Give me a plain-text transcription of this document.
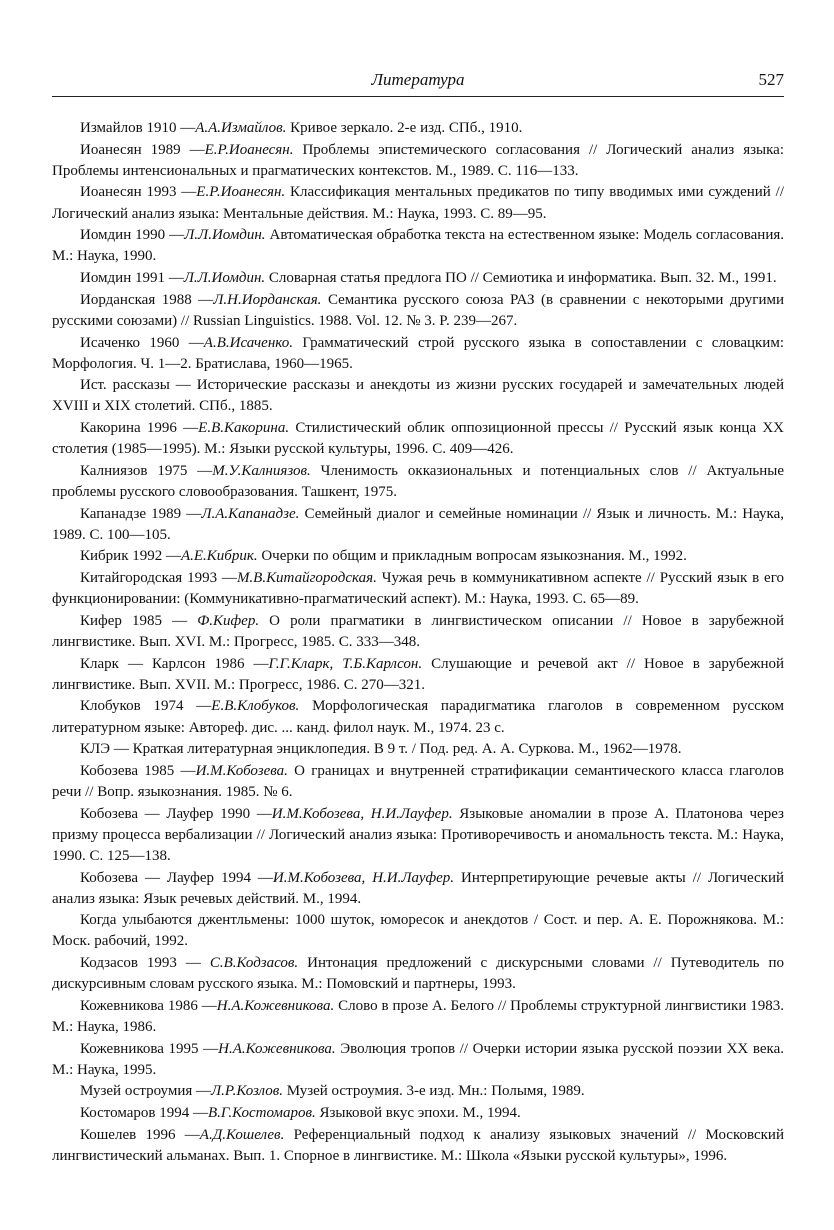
Литература	527

Измайлов 1910 —А.А.Измайлов. Кривое зеркало. 2-е изд. СПб., 1910.

Иоанесян 1989 —Е.Р.Иоанесян. Проблемы эпистемического согласования // Логический анализ языка: Проблемы интенсиональных и прагматических контекстов. М., 1989. С. 116—133.

Иоанесян 1993 —Е.Р.Иоанесян. Классификация ментальных предикатов по типу вводимых ими суждений // Логический анализ языка: Ментальные действия. М.: Наука, 1993. С. 89—95.

Иомдин 1990 —Л.Л.Иомдин. Автоматическая обработка текста на естественном языке: Модель согласования. М.: Наука, 1990.

Иомдин 1991 —Л.Л.Иомдин. Словарная статья предлога ПО // Семиотика и информатика. Вып. 32. М., 1991.

Иорданская 1988 —Л.Н.Иорданская. Семантика русского союза РАЗ (в сравнении с некоторыми другими русскими союзами) // Russian Linguistics. 1988. Vol. 12. № 3. P. 239—267.

Исаченко 1960 —А.В.Исаченко. Грамматический строй русского языка в сопоставлении с словацким: Морфология. Ч. 1—2. Братислава, 1960—1965.

Ист. рассказы — Исторические рассказы и анекдоты из жизни русских государей и замечательных людей XVIII и XIX столетий. СПб., 1885.

Какорина 1996 —Е.В.Какорина. Стилистический облик оппозиционной прессы // Русский язык конца XX столетия (1985—1995). М.: Языки русской культуры, 1996. С. 409—426.

Калниязов 1975 —М.У.Калниязов. Членимость окказиональных и потенциальных слов // Актуальные проблемы русского словообразования. Ташкент, 1975.

Капанадзе 1989 —Л.А.Капанадзе. Семейный диалог и семейные номинации // Язык и личность. М.: Наука, 1989. С. 100—105.

Кибрик 1992 —А.Е.Кибрик. Очерки по общим и прикладным вопросам языкознания. М., 1992.

Китайгородская 1993 —М.В.Китайгородская. Чужая речь в коммуникативном аспекте // Русский язык в его функционировании: (Коммуникативно-прагматический аспект). М.: Наука, 1993. С. 65—89.

Кифер 1985 — Ф.Кифер. О роли прагматики в лингвистическом описании // Новое в зарубежной лингвистике. Вып. XVI. М.: Прогресс, 1985. С. 333—348.

Кларк — Карлсон 1986 —Г.Г.Кларк, Т.Б.Карлсон. Слушающие и речевой акт // Новое в зарубежной лингвистике. Вып. XVII. М.: Прогресс, 1986. С. 270—321.

Клобуков 1974 —Е.В.Клобуков. Морфологическая парадигматика глаголов в современном русском литературном языке: Автореф. дис. ... канд. филол наук. М., 1974. 23 с.

КЛЭ — Краткая литературная энциклопедия. В 9 т. / Под. ред. А. А. Суркова. М., 1962—1978.

Кобозева 1985 —И.М.Кобозева. О границах и внутренней стратификации семантического класса глаголов речи // Вопр. языкознания. 1985. № 6.

Кобозева — Лауфер 1990 —И.М.Кобозева, Н.И.Лауфер. Языковые аномалии в прозе А. Платонова через призму процесса вербализации // Логический анализ языка: Противоречивость и аномальность текста. М.: Наука, 1990. С. 125—138.

Кобозева — Лауфер 1994 —И.М.Кобозева, Н.И.Лауфер. Интерпретирующие речевые акты // Логический анализ языка: Язык речевых действий. М., 1994.

Когда улыбаются джентльмены: 1000 шуток, юморесок и анекдотов / Сост. и пер. А. Е. Порожнякова. М.: Моск. рабочий, 1992.

Кодзасов 1993 — С.В.Кодзасов. Интонация предложений с дискурсными словами // Путеводитель по дискурсивным словам русского языка. М.: Помовский и партнеры, 1993.

Кожевникова 1986 —Н.А.Кожевникова. Слово в прозе А. Белого // Проблемы структурной лингвистики 1983. М.: Наука, 1986.

Кожевникова 1995 —Н.А.Кожевникова. Эволюция тропов // Очерки истории языка русской поэзии XX века. М.: Наука, 1995.

Музей остроумия —Л.Р.Козлов. Музей остроумия. 3-е изд. Мн.: Полымя, 1989.

Костомаров 1994 —В.Г.Костомаров. Языковой вкус эпохи. М., 1994.

Кошелев 1996 —А.Д.Кошелев. Референциальный подход к анализу языковых значений // Московский лингвистический альманах. Вып. 1. Спорное в лингвистике. М.: Школа «Языки русской культуры», 1996.
